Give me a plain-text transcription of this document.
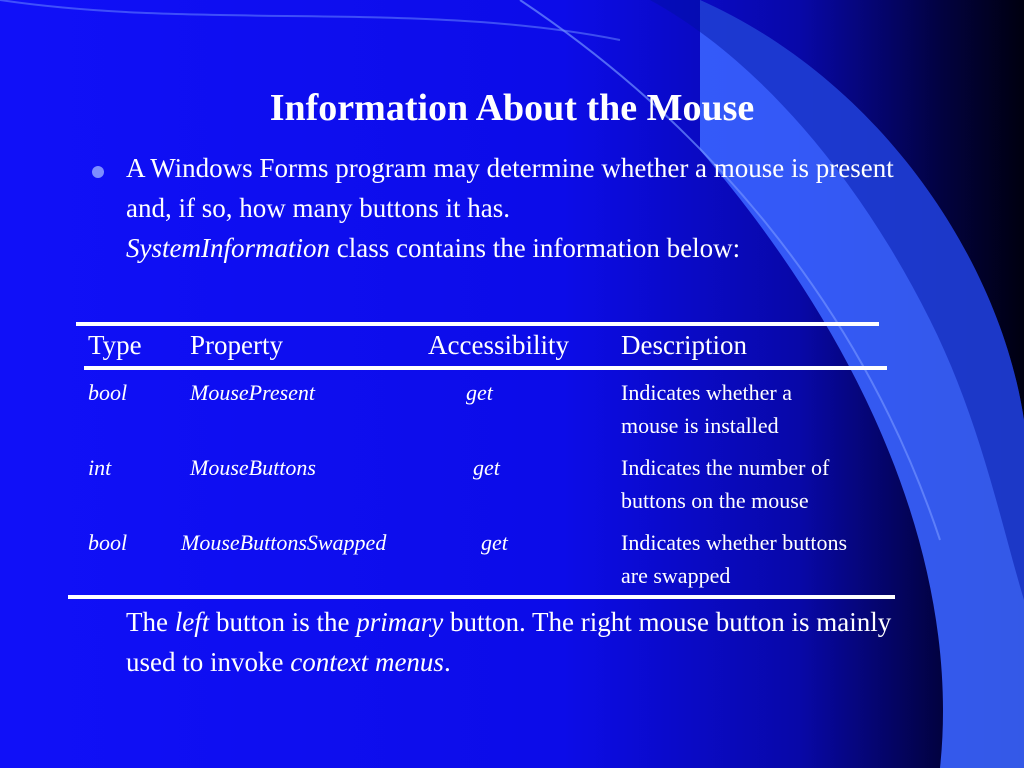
Information About the Mouse
A Windows Forms program may determine whether a mouse is present and, if so, how many buttons it has.
SystemInformation class contains the information below:
Type Property	Accessibility Description
bool	MousePresent	get	Indicates whether a
mouse is installed
int	MouseButtons	get	Indicates the number of
buttons on the mouse
bool MouseButtonsSwapped	get	Indicates whether buttons
are swapped
The left button is the primary button. The right mouse button is mainly used to invoke context menus.
